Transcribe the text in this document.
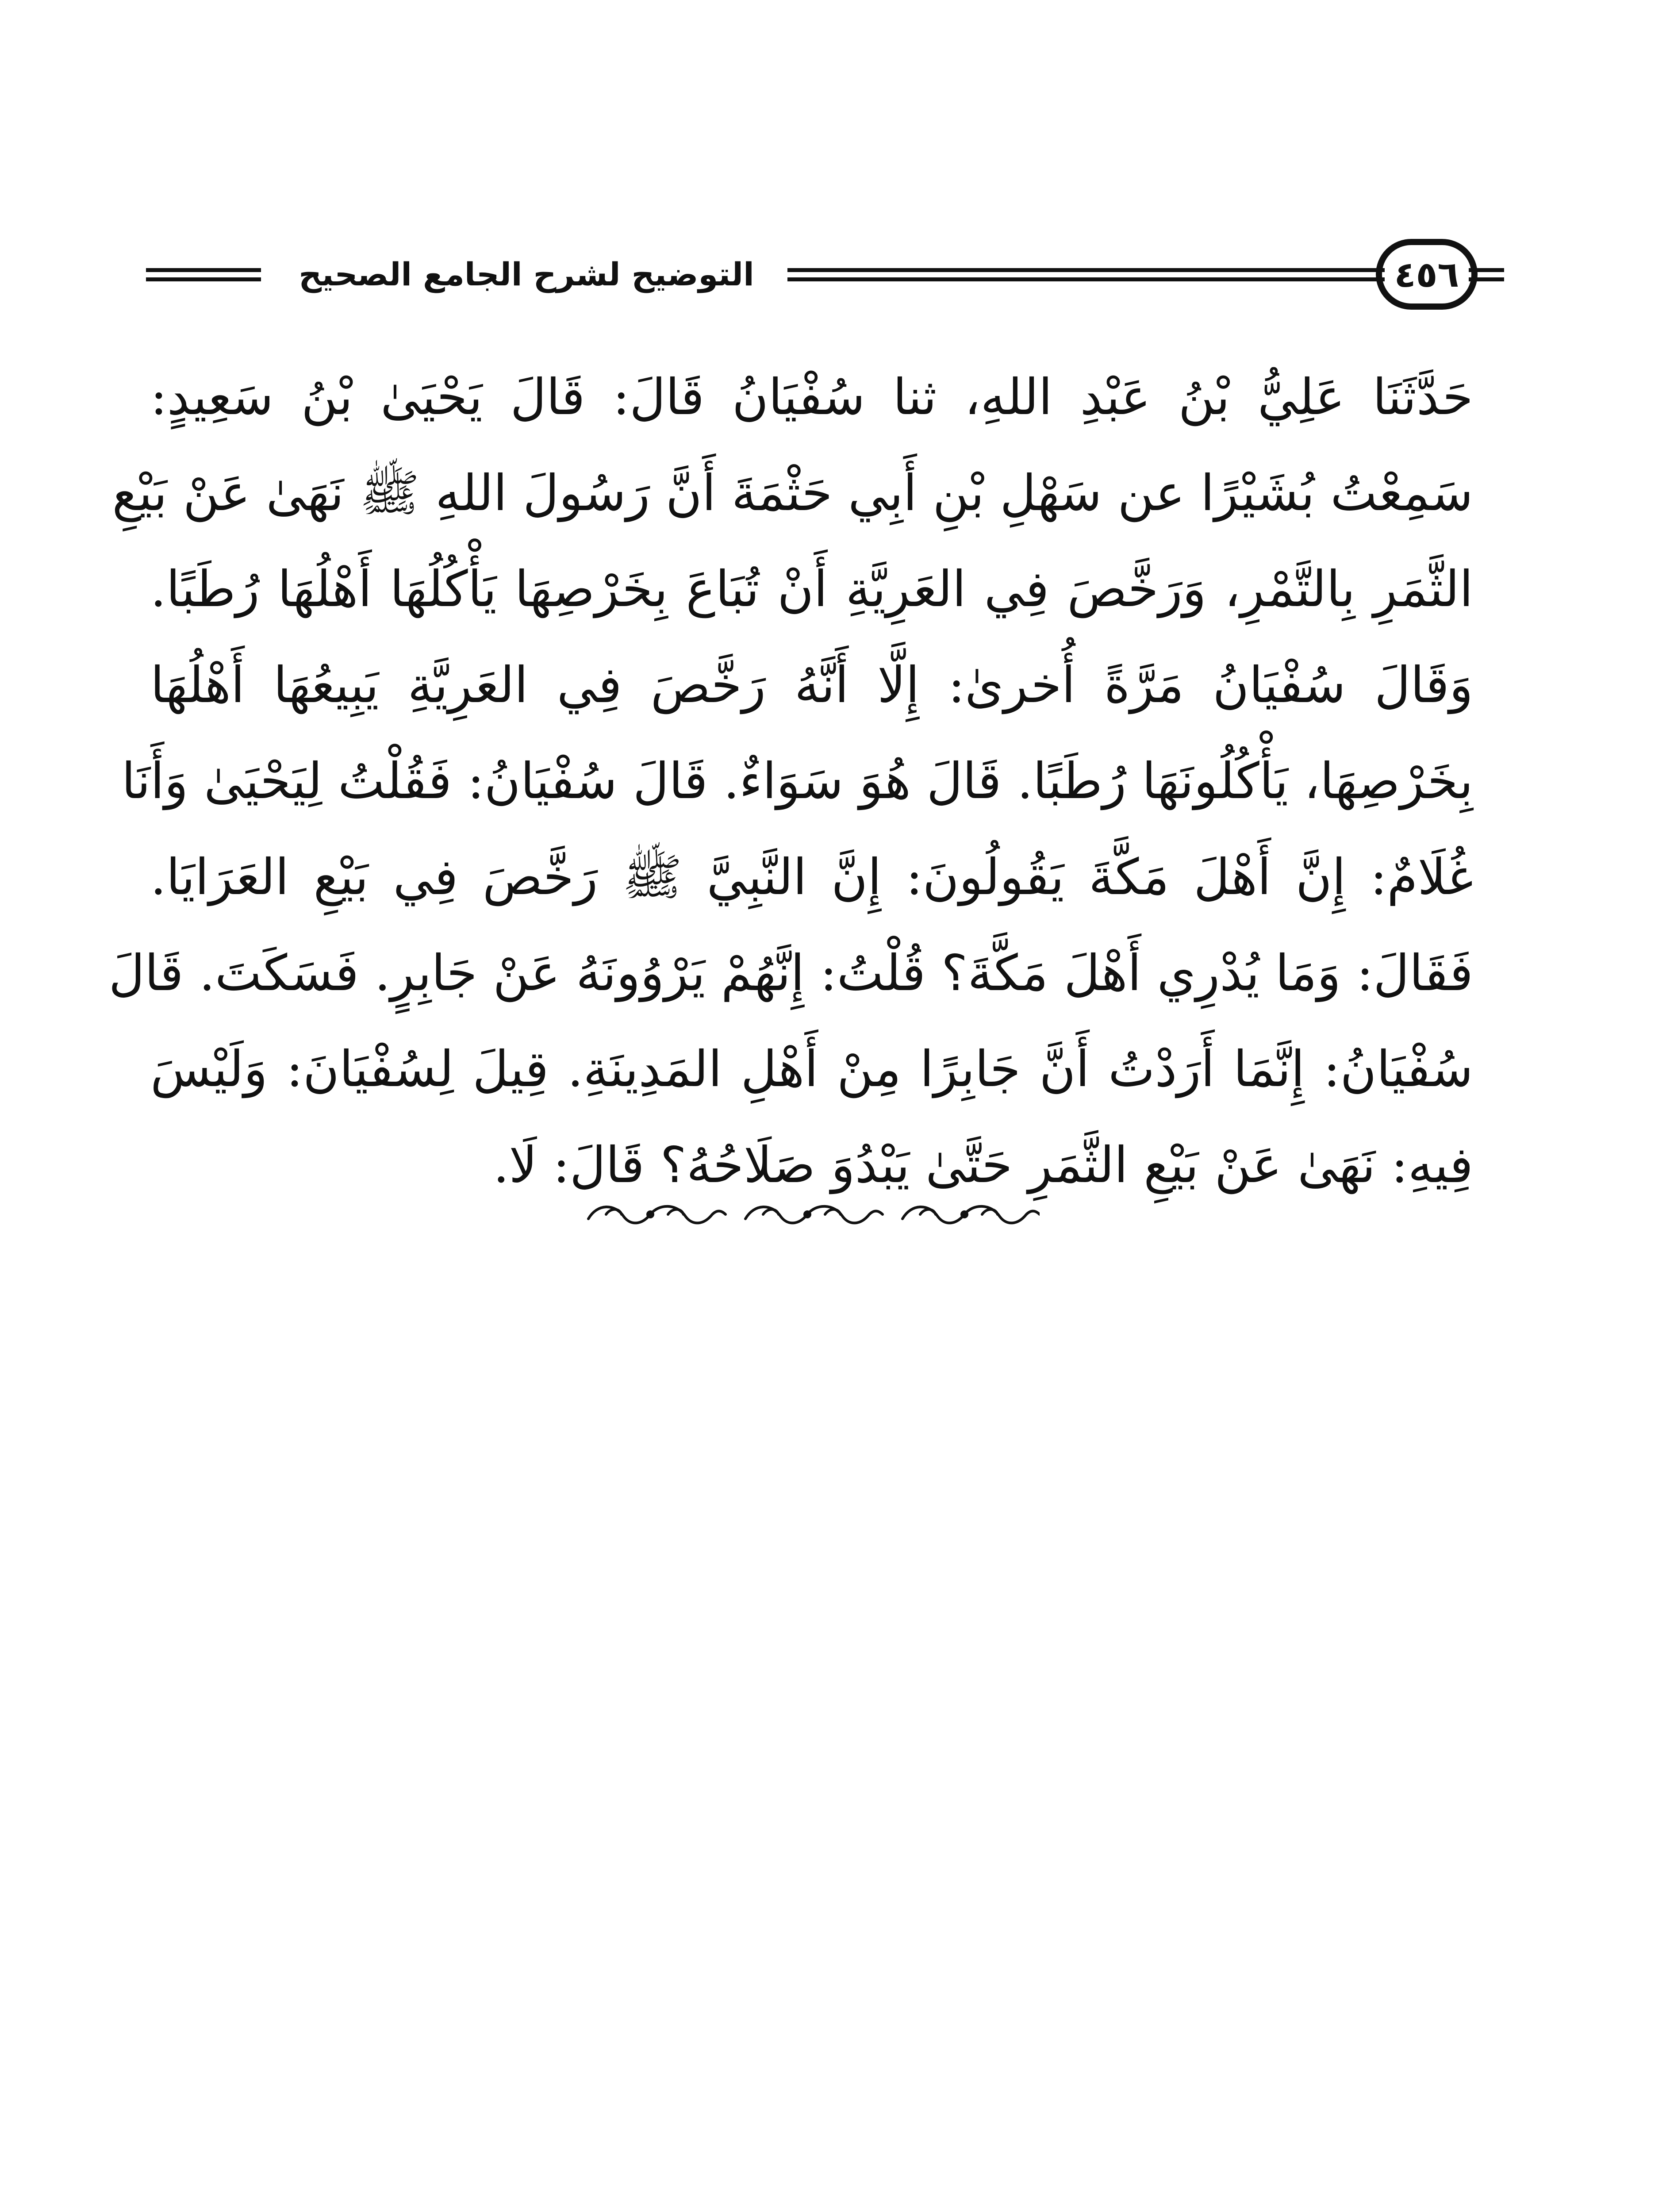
التوضيح لشرح الجامع الصحيح	٤٥٦
حَدَّثَنَا عَلِيُّ بْنُ عَبْدِ اللهِ، ثنا سُفْيَانُ قَالَ: قَالَ يَحْيَىٰ بْنُ سَعِيدٍ:
سَمِعْتُ بُشَيْرًا عن سَهْلِ بْنِ أَبِي حَثْمَةَ أَنَّ رَسُولَ اللهِ ﷺ نَهَىٰ عَنْ بَيْعِ
الثَّمَرِ بِالتَّمْرِ، وَرَخَّصَ فِي العَرِيَّةِ أَنْ تُبَاعَ بِخَرْصِهَا يَأْكُلُهَا أَهْلُهَا رُطَبًا.
وَقَالَ سُفْيَانُ مَرَّةً أُخرىٰ: إِلَّا أَنَّهُ رَخَّصَ فِي العَرِيَّةِ يَبِيعُهَا أَهْلُهَا
بِخَرْصِهَا، يَأْكُلُونَهَا رُطَبًا. قَالَ هُوَ سَوَاءٌ. قَالَ سُفْيَانُ: فَقُلْتُ لِيَحْيَىٰ وَأَنَا
غُلَامٌ: إِنَّ أَهْلَ مَكَّةَ يَقُولُونَ: إِنَّ النَّبِيَّ ﷺ رَخَّصَ فِي بَيْعِ العَرَايَا.
فَقَالَ: وَمَا يُدْرِي أَهْلَ مَكَّةَ؟ قُلْتُ: إِنَّهُمْ يَرْوُونَهُ عَنْ جَابِرٍ. فَسَكَتَ. قَالَ
سُفْيَانُ: إِنَّمَا أَرَدْتُ أَنَّ جَابِرًا مِنْ أَهْلِ المَدِينَةِ. قِيلَ لِسُفْيَانَ: وَلَيْسَ
فِيهِ: نَهَىٰ عَنْ بَيْعِ الثَّمَرِ حَتَّىٰ يَبْدُوَ صَلَاحُهُ؟ قَالَ: لَا.
